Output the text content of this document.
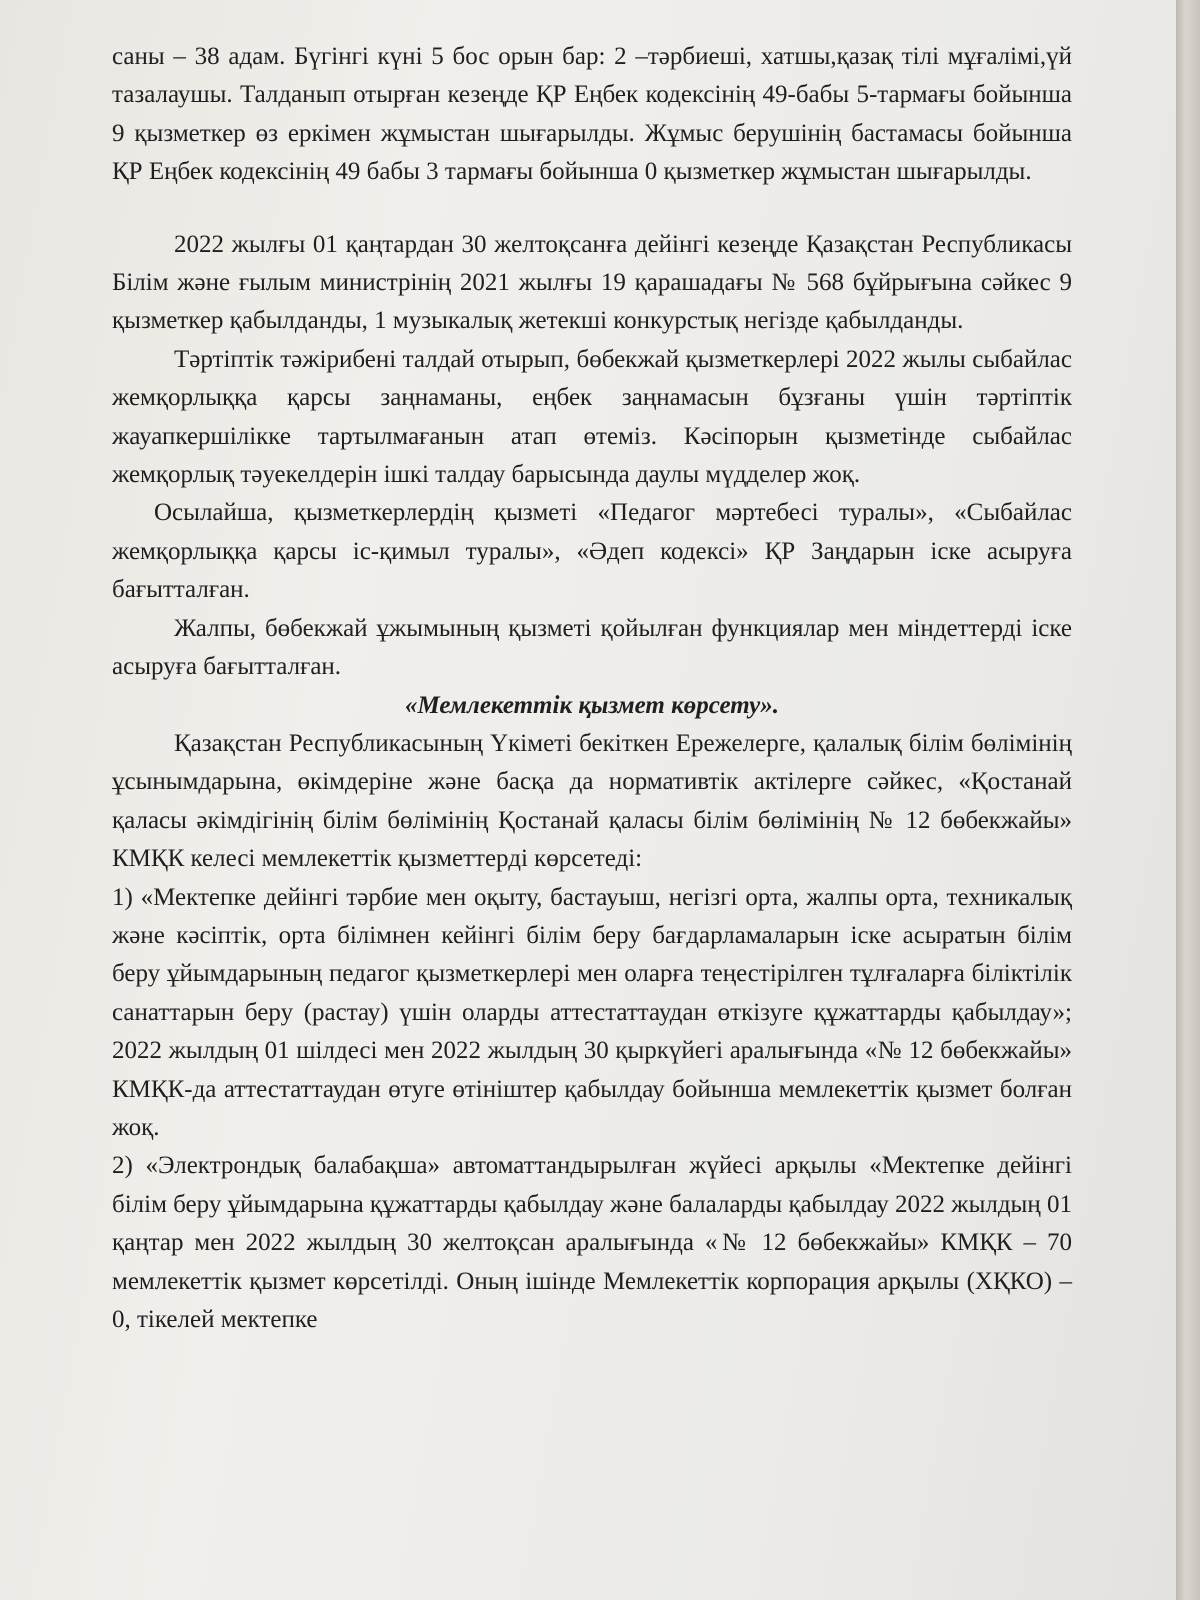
саны – 38 адам. Бүгінгі күні 5 бос орын бар: 2 –тәрбиеші, хатшы,қазақ тілі мұғалімі,үй тазалаушы. Талданып отырған кезеңде ҚР Еңбек кодексінің 49-бабы 5-тармағы бойынша 9 қызметкер өз еркімен жұмыстан шығарылды. Жұмыс берушінің бастамасы бойынша ҚР Еңбек кодексінің 49 бабы 3 тармағы бойынша 0 қызметкер жұмыстан шығарылды.

2022 жылғы 01 қаңтардан 30 желтоқсанға дейінгі кезеңде Қазақстан Республикасы Білім және ғылым министрінің 2021 жылғы 19 қарашадағы № 568 бұйрығына сәйкес 9 қызметкер қабылданды, 1 музыкалық жетекші конкурстық негізде қабылданды.

Тәртіптік тәжірибені талдай отырып, бөбекжай қызметкерлері 2022 жылы сыбайлас жемқорлыққа қарсы заңнаманы, еңбек заңнамасын бұзғаны үшін тәртіптік жауапкершілікке тартылмағанын атап өтеміз. Кәсіпорын қызметінде сыбайлас жемқорлық тәуекелдерін ішкі талдау барысында даулы мүдделер жоқ.

Осылайша, қызметкерлердің қызметі «Педагог мәртебесі туралы», «Сыбайлас жемқорлыққа қарсы іс-қимыл туралы», «Әдеп кодексі» ҚР Заңдарын іске асыруға бағытталған.

Жалпы, бөбекжай ұжымының қызметі қойылған функциялар мен міндеттерді іске асыруға бағытталған.

«Мемлекеттік қызмет көрсету».

Қазақстан Республикасының Үкіметі бекіткен Ережелерге, қалалық білім бөлімінің ұсынымдарына, өкімдеріне және басқа да нормативтік актілерге сәйкес, «Қостанай қаласы әкімдігінің білім бөлімінің Қостанай қаласы білім бөлімінің № 12 бөбекжайы» КМҚК келесі мемлекеттік қызметтерді көрсетеді:

1) «Мектепке дейінгі тәрбие мен оқыту, бастауыш, негізгі орта, жалпы орта, техникалық және кәсіптік, орта білімнен кейінгі білім беру бағдарламаларын іске асыратын білім беру ұйымдарының педагог қызметкерлері мен оларға теңестірілген тұлғаларға біліктілік санаттарын беру (растау) үшін оларды аттестаттаудан өткізуге құжаттарды қабылдау»; 2022 жылдың 01 шілдесі мен 2022 жылдың 30 қыркүйегі аралығында «№ 12 бөбекжайы» КМҚК-да аттестаттаудан өтуге өтініштер қабылдау бойынша мемлекеттік қызмет болған жоқ.

2) «Электрондық балабақша» автоматтандырылған жүйесі арқылы «Мектепке дейінгі білім беру ұйымдарына құжаттарды қабылдау және балаларды қабылдау 2022 жылдың 01 қаңтар мен 2022 жылдың 30 желтоқсан аралығында «№ 12 бөбекжайы» КМҚК – 70 мемлекеттік қызмет көрсетілді. Оның ішінде Мемлекеттік корпорация арқылы (ХҚКО) – 0, тікелей мектепке
